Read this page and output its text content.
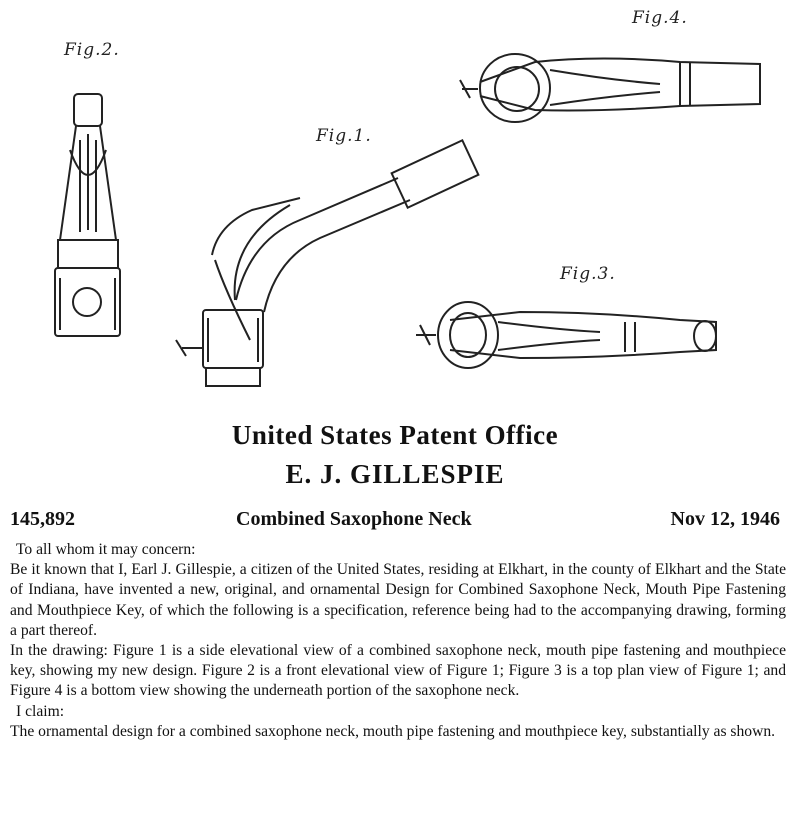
Fig.2.
Fig.1.
Fig.4.
Fig.3.
United States Patent Office
E. J. GILLESPIE
145,892	Combined Saxophone Neck	Nov 12, 1946

To all whom it may concern:

Be it known that I, Earl J. Gillespie, a citizen of the United States, residing at Elkhart, in the county of Elkhart and the State of Indiana, have invented a new, original, and ornamental Design for Combined Saxophone Neck, Mouth Pipe Fastening and Mouthpiece Key, of which the following is a specification, reference being had to the accompanying drawing, forming a part thereof.

In the drawing: Figure 1 is a side elevational view of a combined saxophone neck, mouth pipe fastening and mouthpiece key, showing my new design. Figure 2 is a front elevational view of Figure 1; Figure 3 is a top plan view of Figure 1; and Figure 4 is a bottom view showing the underneath portion of the saxophone neck.

I claim:

The ornamental design for a combined saxophone neck, mouth pipe fastening and mouthpiece key, substantially as shown.
